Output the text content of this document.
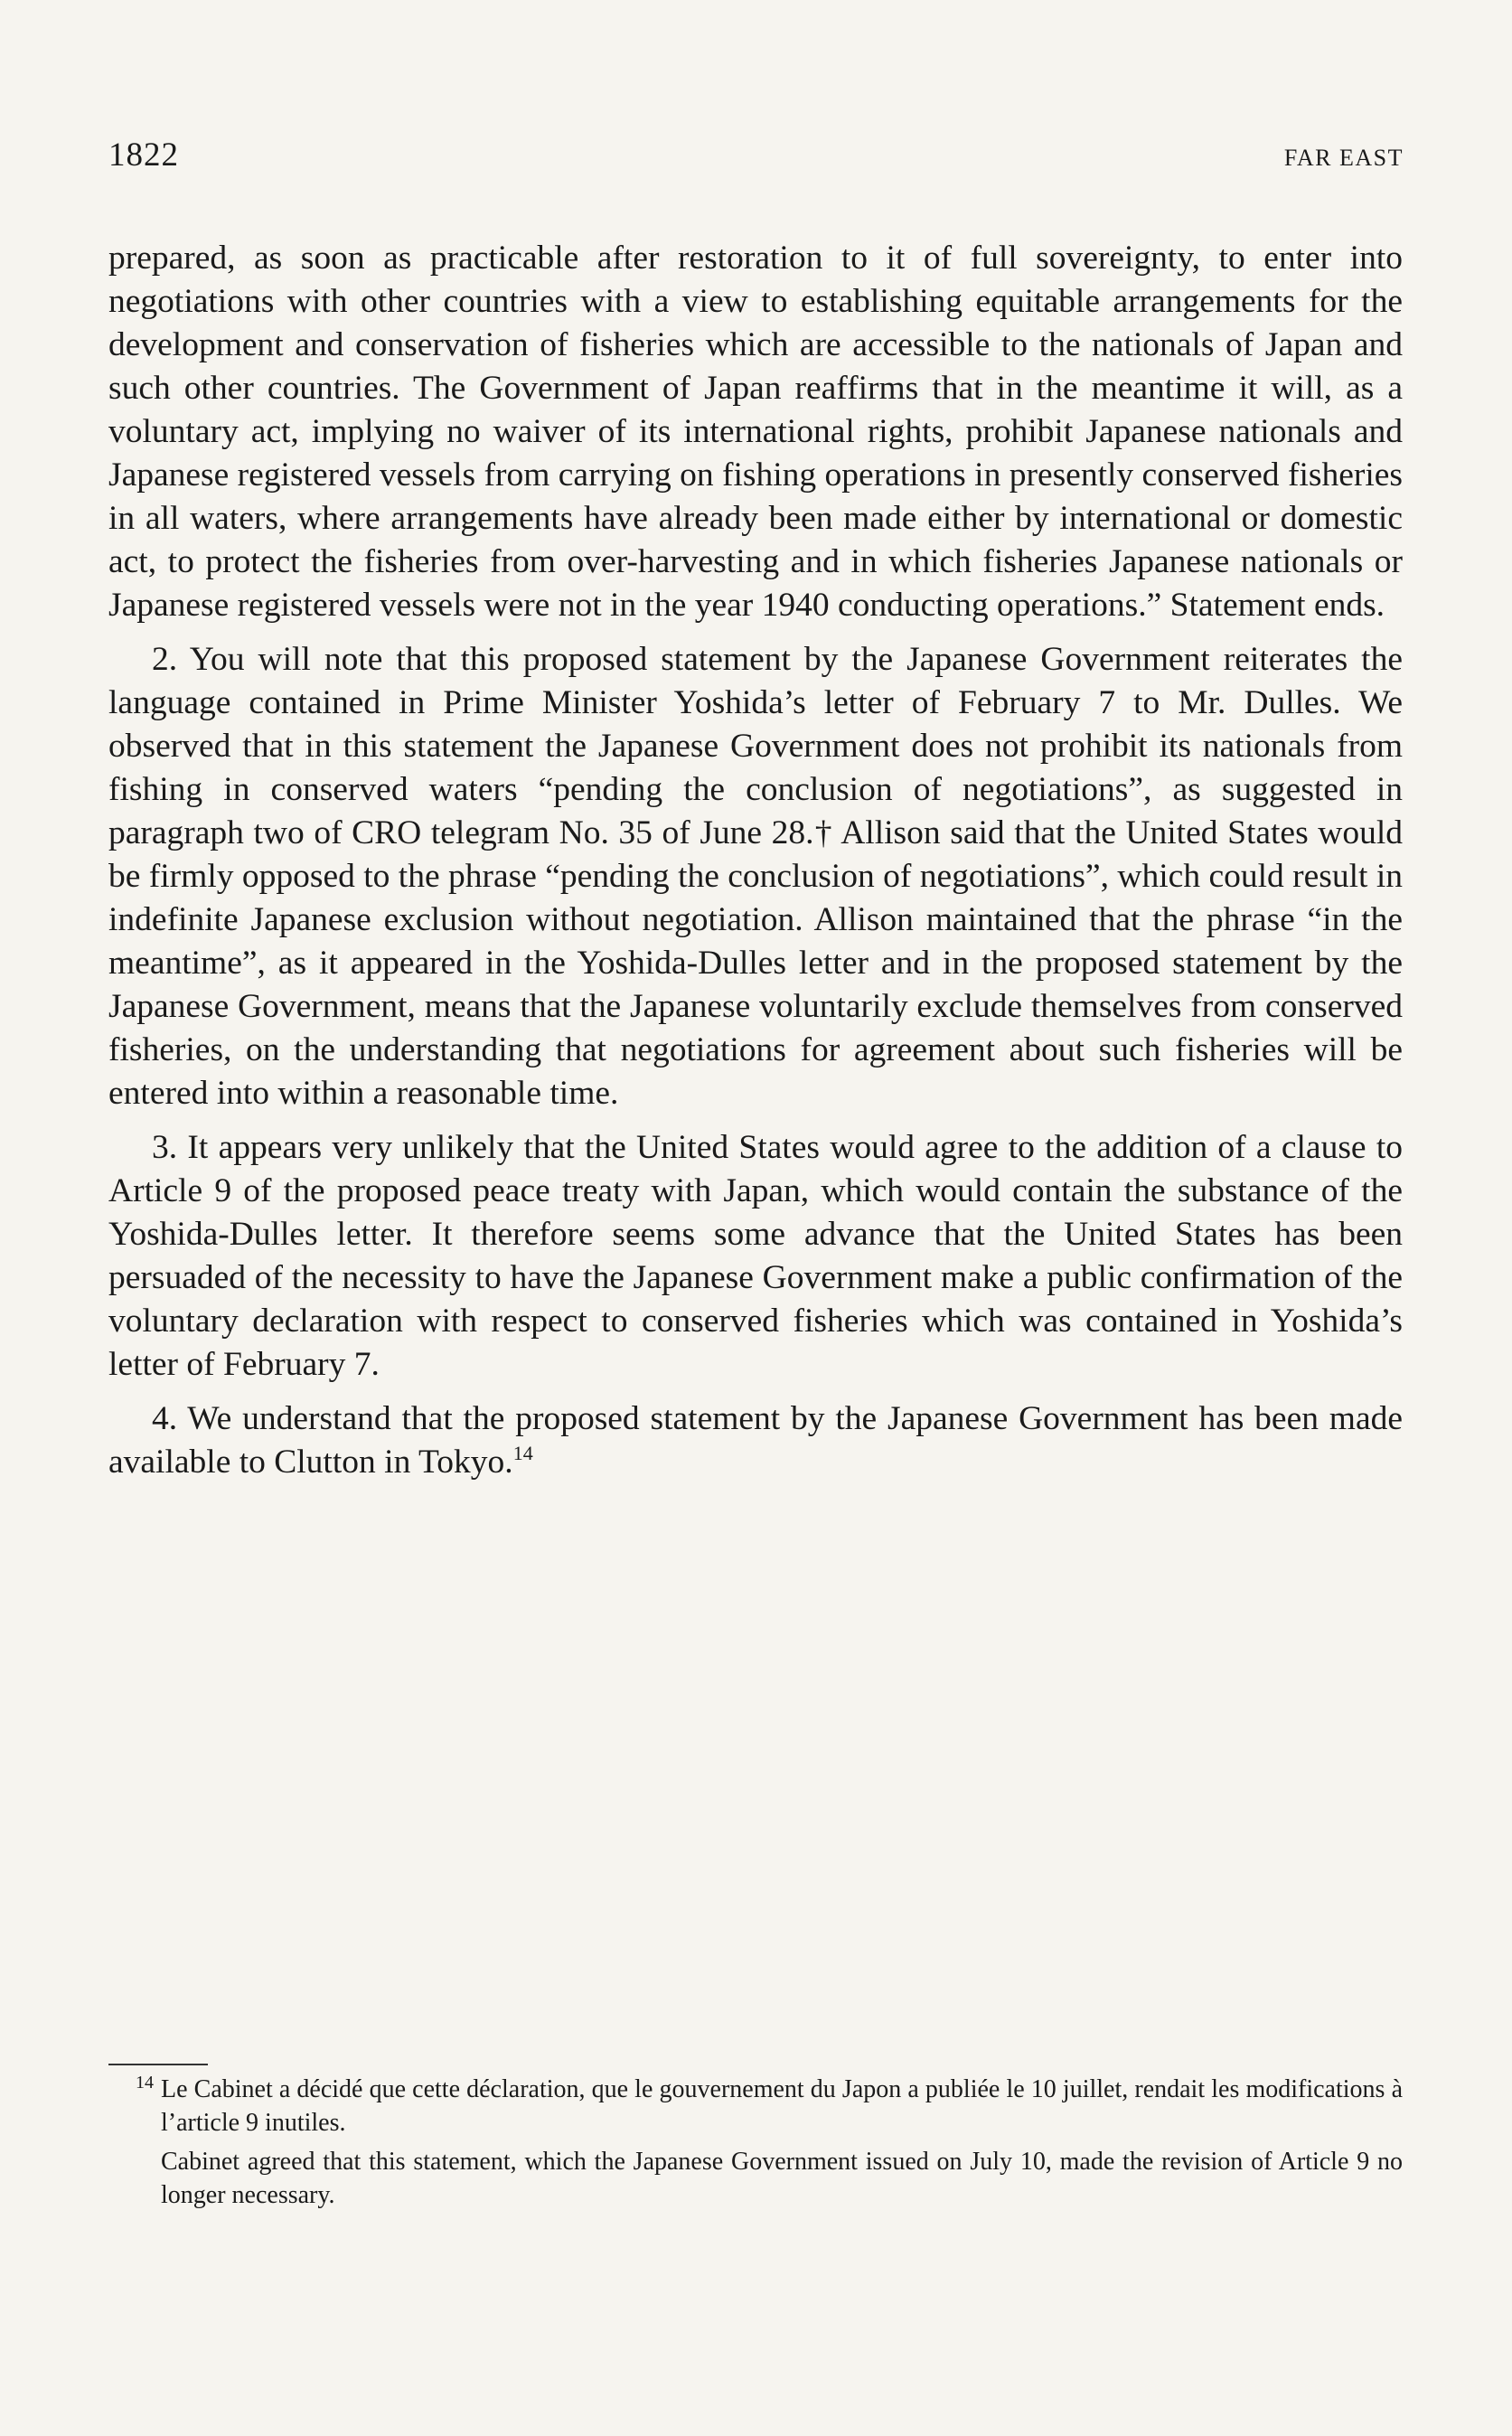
1822	FAR EAST

prepared, as soon as practicable after restoration to it of full sovereignty, to enter into negotiations with other countries with a view to establishing equitable arrangements for the development and conservation of fisheries which are accessible to the nationals of Japan and such other countries. The Government of Japan reaffirms that in the meantime it will, as a voluntary act, implying no waiver of its international rights, prohibit Japanese nationals and Japanese registered vessels from carrying on fishing operations in presently conserved fisheries in all waters, where arrangements have already been made either by international or domestic act, to protect the fisheries from over-harvesting and in which fisheries Japanese nationals or Japanese registered vessels were not in the year 1940 conducting operations.” Statement ends.

2. You will note that this proposed statement by the Japanese Government reiterates the language contained in Prime Minister Yoshida’s letter of February 7 to Mr. Dulles. We observed that in this statement the Japanese Government does not prohibit its nationals from fishing in conserved waters “pending the conclusion of negotiations”, as suggested in paragraph two of CRO telegram No. 35 of June 28.† Allison said that the United States would be firmly opposed to the phrase “pending the conclusion of negotiations”, which could result in indefinite Japanese exclusion without negotiation. Allison maintained that the phrase “in the meantime”, as it appeared in the Yoshida-Dulles letter and in the proposed statement by the Japanese Government, means that the Japanese voluntarily exclude themselves from conserved fisheries, on the understanding that negotiations for agreement about such fisheries will be entered into within a reasonable time.

3. It appears very unlikely that the United States would agree to the addition of a clause to Article 9 of the proposed peace treaty with Japan, which would contain the substance of the Yoshida-Dulles letter. It therefore seems some advance that the United States has been persuaded of the necessity to have the Japanese Government make a public confirmation of the voluntary declaration with respect to conserved fisheries which was contained in Yoshida’s letter of February 7.

4. We understand that the proposed statement by the Japanese Government has been made available to Clutton in Tokyo.$^{14}$

14 Le Cabinet a décidé que cette déclaration, que le gouvernement du Japon a publiée le 10 juillet, rendait les modifications à l’article 9 inutiles.
Cabinet agreed that this statement, which the Japanese Government issued on July 10, made the revision of Article 9 no longer necessary.
